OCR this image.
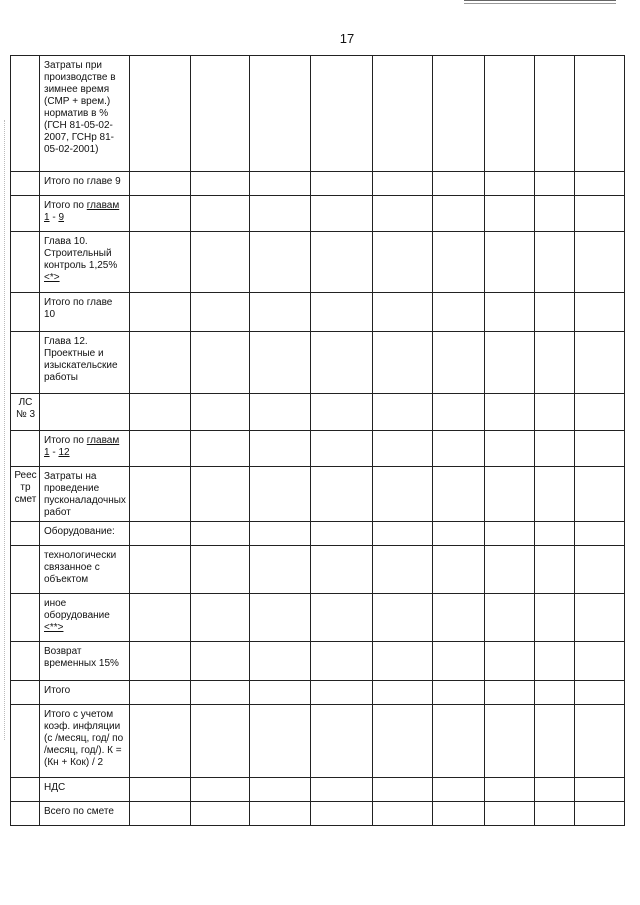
17
	Затраты при производстве в зимнее время (СМР + врем.) норматив в % (ГСН 81-05-02-2007, ГСНр 81-05-02-2001)									
	Итого по главе 9									
	Итого по главам 1 - 9									
	Глава 10. Строительный контроль 1,25% <*>									
	Итого по главе 10									
	Глава 12. Проектные и изыскательские работы									
ЛС № 3										
	Итого по главам 1 - 12									
Реестр смет	Затраты на проведение пусконаладочных работ									
	Оборудование:									
	технологически связанное с объектом									
	иное оборудование <**>									
	Возврат временных 15%									
	Итого									
	Итого с учетом коэф. инфляции (с /месяц, год/ по /месяц, год/). К = (Кн + Кок) / 2									
	НДС									
	Всего по смете									
